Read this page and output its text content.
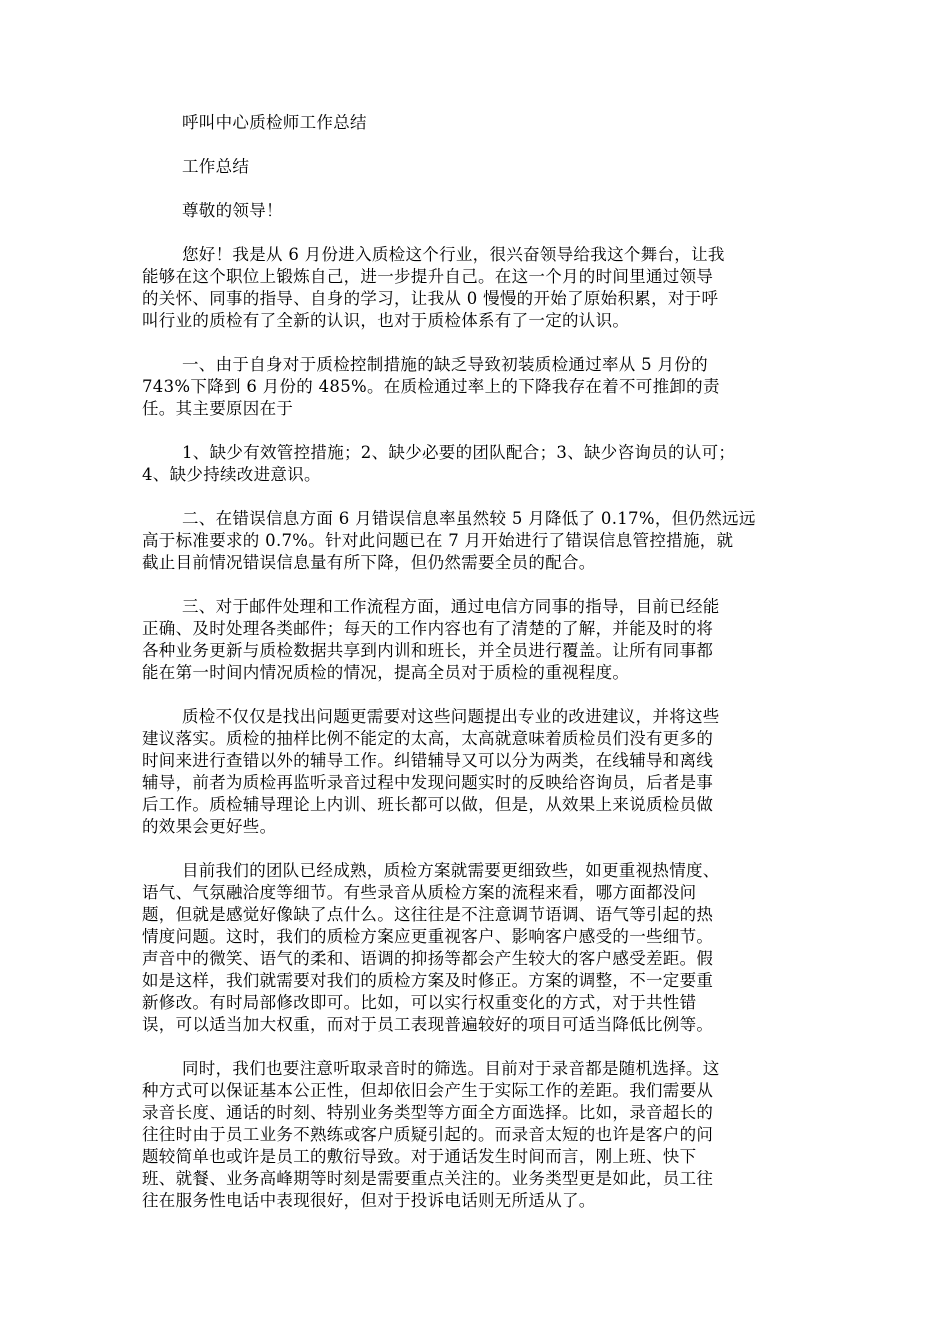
呼叫中心质检师工作总结

工作总结

尊敬的领导！

您好！我是从 6 月份进入质检这个行业，很兴奋领导给我这个舞台，让我

能够在这个职位上锻炼自己，进一步提升自己。在这一个月的时间里通过领导

的关怀、同事的指导、自身的学习，让我从 0 慢慢的开始了原始积累，对于呼

叫行业的质检有了全新的认识，也对于质检体系有了一定的认识。

一、由于自身对于质检控制措施的缺乏导致初装质检通过率从 5 月份的

743%下降到 6 月份的 485%。在质检通过率上的下降我存在着不可推卸的责

任。其主要原因在于

1、缺少有效管控措施；2、缺少必要的团队配合；3、缺少咨询员的认可；

4、缺少持续改进意识。

二、在错误信息方面 6 月错误信息率虽然较 5 月降低了 0.17%，但仍然远远

高于标准要求的 0.7%。针对此问题已在 7 月开始进行了错误信息管控措施，就

截止目前情况错误信息量有所下降，但仍然需要全员的配合。

三、对于邮件处理和工作流程方面，通过电信方同事的指导，目前已经能

正确、及时处理各类邮件；每天的工作内容也有了清楚的了解，并能及时的将

各种业务更新与质检数据共享到内训和班长，并全员进行覆盖。让所有同事都

能在第一时间内情况质检的情况，提高全员对于质检的重视程度。

质检不仅仅是找出问题更需要对这些问题提出专业的改进建议，并将这些

建议落实。质检的抽样比例不能定的太高，太高就意味着质检员们没有更多的

时间来进行查错以外的辅导工作。纠错辅导又可以分为两类，在线辅导和离线

辅导，前者为质检再监听录音过程中发现问题实时的反映给咨询员，后者是事

后工作。质检辅导理论上内训、班长都可以做，但是，从效果上来说质检员做

的效果会更好些。

目前我们的团队已经成熟，质检方案就需要更细致些，如更重视热情度、

语气、气氛融洽度等细节。有些录音从质检方案的流程来看，哪方面都没问

题，但就是感觉好像缺了点什么。这往往是不注意调节语调、语气等引起的热

情度问题。这时，我们的质检方案应更重视客户、影响客户感受的一些细节。

声音中的微笑、语气的柔和、语调的抑扬等都会产生较大的客户感受差距。假

如是这样，我们就需要对我们的质检方案及时修正。方案的调整，不一定要重

新修改。有时局部修改即可。比如，可以实行权重变化的方式，对于共性错

误，可以适当加大权重，而对于员工表现普遍较好的项目可适当降低比例等。

同时，我们也要注意听取录音时的筛选。目前对于录音都是随机选择。这

种方式可以保证基本公正性，但却依旧会产生于实际工作的差距。我们需要从

录音长度、通话的时刻、特别业务类型等方面全方面选择。比如，录音超长的

往往时由于员工业务不熟练或客户质疑引起的。而录音太短的也许是客户的问

题较简单也或许是员工的敷衍导致。对于通话发生时间而言，刚上班、快下

班、就餐、业务高峰期等时刻是需要重点关注的。业务类型更是如此，员工往

往在服务性电话中表现很好，但对于投诉电话则无所适从了。
